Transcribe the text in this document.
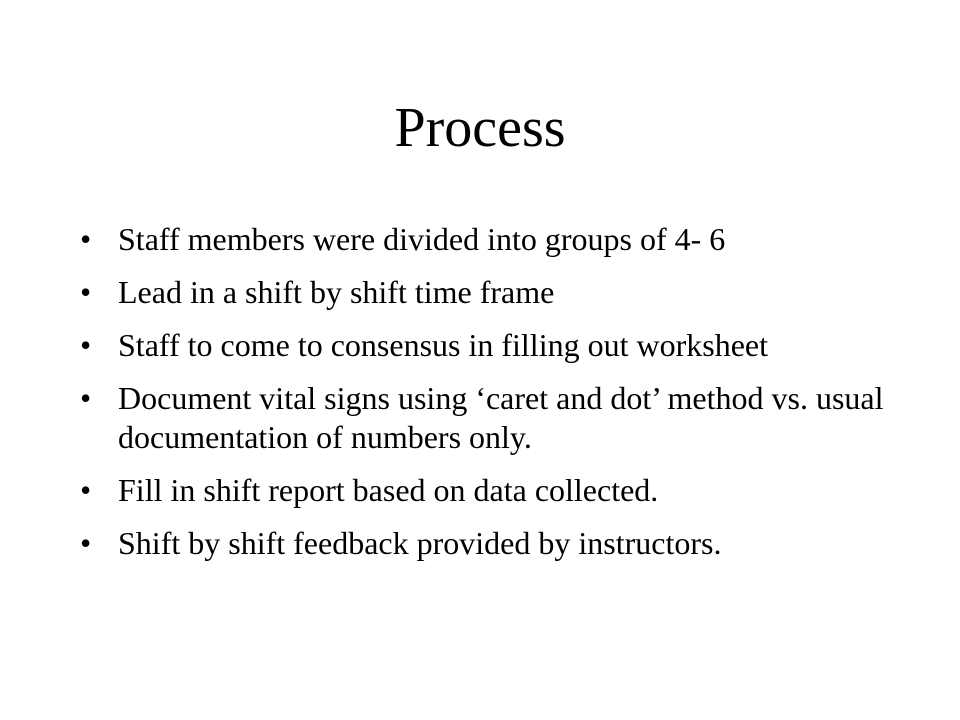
Process
• Staff members were divided into groups of 4- 6
• Lead in a shift by shift time frame
• Staff to come to consensus in filling out worksheet
• Document vital signs using ‘caret and dot’ method vs. usual documentation of numbers only.
• Fill in shift report based on data collected.
• Shift by shift feedback provided by instructors.
